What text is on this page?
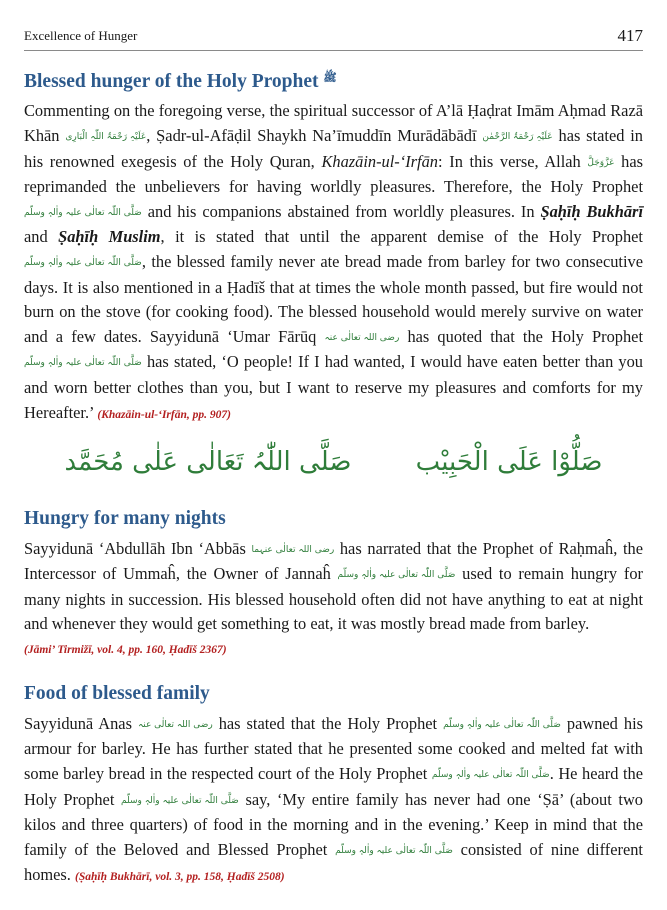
Excellence of Hunger	417
Blessed hunger of the Holy Prophet ﷺ

Commenting on the foregoing verse, the spiritual successor of A’lā Ḥaḍrat Imām Aḥmad Razā Khān عَلَیْہِ رَحْمَۃُ اللّٰہِ الْبَارِی, Ṣadr-ul-Afāḍil Shaykh Na’īmuddīn Murādābādī عَلَیْہِ رَحْمَۃُ الرَّحْمٰن has stated in his renowned exegesis of the Holy Quran, Khazāin-ul-‘Irfān: In this verse, Allah عَزَّوَجَلَّ has reprimanded the unbelievers for having worldly pleasures. Therefore, the Holy Prophet صَلَّی اللّٰہ تعالٰی علیہ واٰلہٖ وسلّم and his companions abstained from worldly pleasures. In Ṣaḥīḥ Bukhārī and Ṣaḥīḥ Muslim, it is stated that until the apparent demise of the Holy Prophet صَلَّی اللّٰہ تعالٰی علیہ واٰلہٖ وسلّم, the blessed family never ate bread made from barley for two consecutive days. It is also mentioned in a Ḥadīš that at times the whole month passed, but fire would not burn on the stove (for cooking food). The blessed household would merely survive on water and a few dates. Sayyidunā ‘Umar Fārūq رضی اللہ تعالٰی عنہ has quoted that the Holy Prophet صَلَّی اللّٰہ تعالٰی علیہ واٰلہٖ وسلّم has stated, ‘O people! If I had wanted, I would have eaten better than you and worn better clothes than you, but I want to reserve my pleasures and comforts for my Hereafter.’ (Khazāin-ul-‘Irfān, pp. 907)

صَلُّوْا عَلَی الْحَبِیْب صَلَّی اللّٰہُ تَعَالٰی عَلٰی مُحَمَّد
Hungry for many nights

Sayyidunā ‘Abdullāh Ibn ‘Abbās رضی اللہ تعالٰی عنہما has narrated that the Prophet of Raḥmaĥ, the Intercessor of Ummaĥ, the Owner of Jannaĥ صَلَّی اللّٰہ تعالٰی علیہ واٰلہٖ وسلّم used to remain hungry for many nights in succession. His blessed household often did not have anything to eat at night and whenever they would get something to eat, it was mostly bread made from barley.
(Jāmi’ Tirmižī, vol. 4, pp. 160, Ḥadīš 2367)

Food of blessed family

Sayyidunā Anas رضی اللہ تعالٰی عنہ has stated that the Holy Prophet صَلَّی اللّٰہ تعالٰی علیہ واٰلہٖ وسلّم pawned his armour for barley. He has further stated that he presented some cooked and melted fat with some barley bread in the respected court of the Holy Prophet صَلَّی اللّٰہ تعالٰی علیہ واٰلہٖ وسلّم. He heard the Holy Prophet صَلَّی اللّٰہ تعالٰی علیہ واٰلہٖ وسلّم say, ‘My entire family has never had one ‘Ṣā’ (about two kilos and three quarters) of food in the morning and in the evening.’ Keep in mind that the family of the Beloved and Blessed Prophet صَلَّی اللّٰہ تعالٰی علیہ واٰلہٖ وسلّم consisted of nine different homes. (Ṣaḥīḥ Bukhārī, vol. 3, pp. 158, Ḥadīš 2508)
